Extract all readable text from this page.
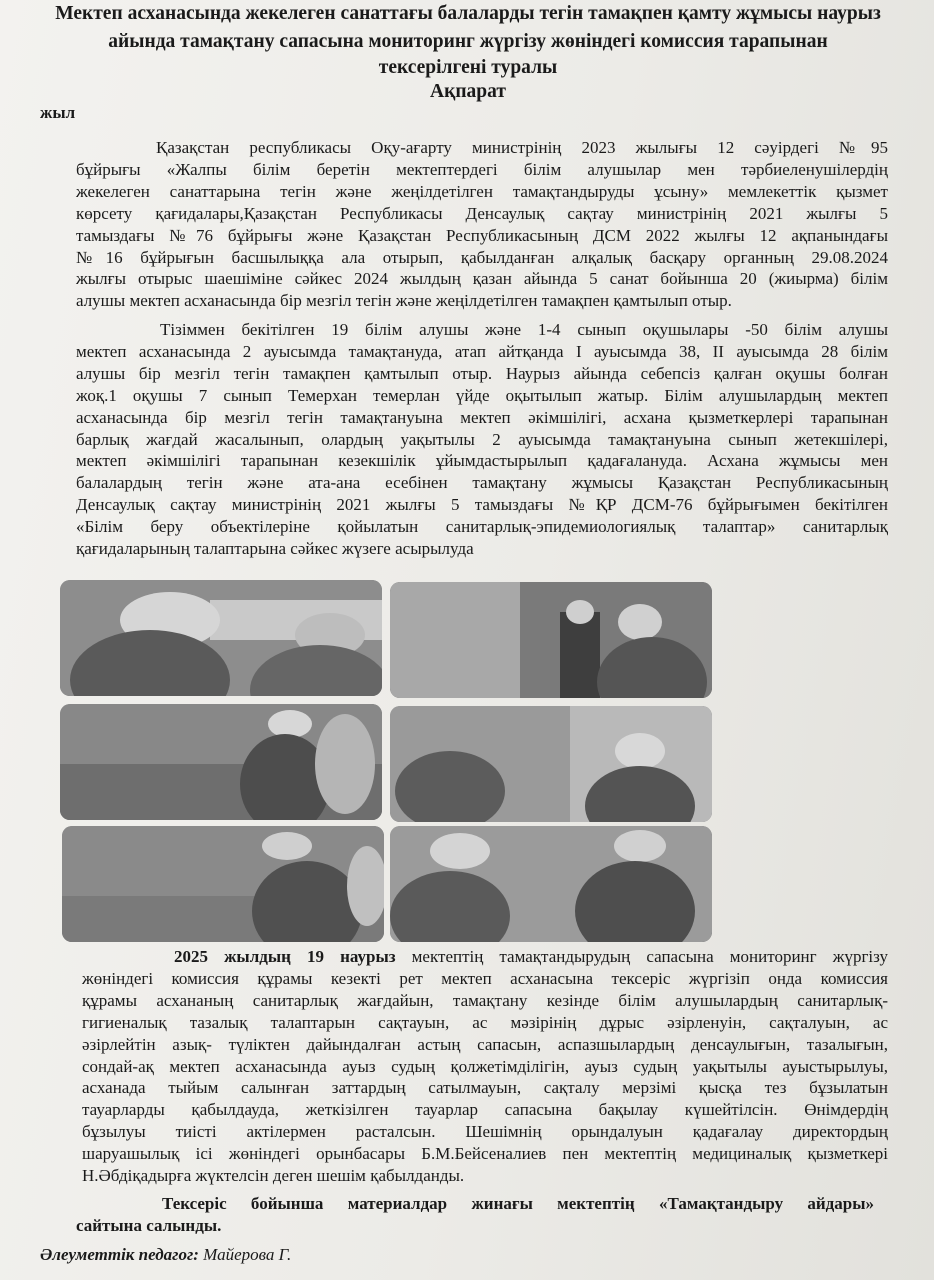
Мектеп асханасында жекелеген санаттағы балаларды тегін тамақпен қамту жұмысы наурыз
айында тамақтану сапасына мониторинг жүргізу жөніндегі комиссия тарапынан
тексерілгені туралы
Ақпарат
жыл
Қазақстан республикасы Оқу-ағарту министрінің 2023 жылығы 12 сәуірдегі №95
бұйрығы «Жалпы білім беретін мектептердегі білім алушылар мен тәрбиеленушілердің
жекелеген санаттарына тегін және жеңілдетілген тамақтандыруды ұсыну» мемлекеттік қызмет
көрсету қағидалары,Қазақстан Республикасы Денсаулық сақтау министрінің 2021 жылғы 5
тамыздағы №76 бұйрығы және Қазақстан Республикасының ДСМ 2022 жылғы 12 ақпанындағы
№16 бұйрығын басшылыққа ала отырып, қабылданған алқалық басқару органның 29.08.2024
жылғы отырыс шаешіміне сәйкес 2024 жылдың қазан айында 5 санат бойынша 20 (жиырма) білім
алушы мектеп асханасында бір мезгіл тегін және жеңілдетілген тамақпен қамтылып отыр.
Тізіммен бекітілген 19 білім алушы және 1-4 сынып оқушылары -50 білім алушы
мектеп асханасында 2 ауысымда тамақтануда, атап айтқанда I ауысымда 38, II ауысымда 28 білім
алушы бір мезгіл тегін тамақпен қамтылып отыр. Наурыз айында себепсіз қалған оқушы болған
жоқ.1 оқушы 7 сынып Темерхан темерлан үйде оқытылып жатыр. Білім алушылардың мектеп
асханасында бір мезгіл тегін тамақтануына мектеп әкімшілігі, асхана қызметкерлері тарапынан
барлық жағдай жасалынып, олардың уақытылы 2 ауысымда тамақтануына сынып жетекшілері,
мектеп әкімшілігі тарапынан кезекшілік ұйымдастырылып қадағалануда. Асхана жұмысы мен
балалардың тегін және ата-ана есебінен тамақтану жұмысы Қазақстан Республикасының
Денсаулық сақтау министрінің 2021 жылғы 5 тамыздағы №ҚР ДСМ-76 бұйрығымен бекітілген
«Білім беру объектілеріне қойылатын санитарлық-эпидемиологиялық талаптар» санитарлық
қағидаларының талаптарына сәйкес жүзеге асырылуда
2025 жылдың 19 наурыз мектептің тамақтандырудың сапасына мониторинг жүргізу
жөніндегі комиссия құрамы кезекті рет мектеп асханасына тексеріс жүргізіп онда комиссия
құрамы асхананың санитарлық жағдайын, тамақтану кезінде білім алушылардың санитарлық-
гигиеналық тазалық талаптарын сақтауын, ас мәзірінің дұрыс әзірленуін, сақталуын, ас
әзірлейтін азық- түліктен дайындалған астың сапасын, аспазшылардың денсаулығын, тазалығын,
сондай-ақ мектеп асханасында ауыз судың қолжетімділігін, ауыз судың уақытылы ауыстырылуы,
асханада тыйым салынған заттардың сатылмауын, сақталу мерзімі қысқа тез бұзылатын
тауарларды қабылдауда, жеткізілген тауарлар сапасына бақылау күшейтілсін. Өнімдердің
бұзылуы тиісті актілермен расталсын. Шешімнің орындалуын қадағалау директордың
шаруашылық ісі жөніндегі орынбасары Б.М.Бейсеналиев пен мектептің медициналық қызметкері
Н.Әбдіқадырға жүктелсін деген шешім қабылданды.
Тексеріс бойынша материалдар жинағы мектептің «Тамақтандыру айдары»
сайтына салынды.
Әлеуметтік педагог: Майерова Г.
